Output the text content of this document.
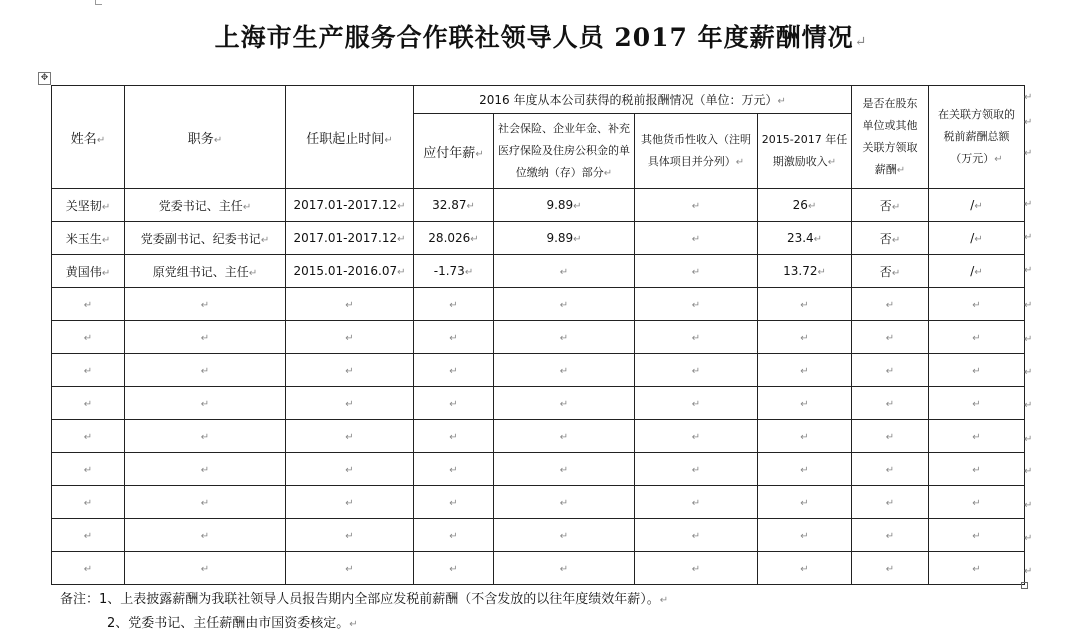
上海市生产服务合作联社领导人员 2017 年度薪酬情况↵
✥
姓名↵	职务↵	任职起止时间↵	2016 年度从本公司获得的税前报酬情况（单位：万元）↵				是否在股东单位或其他关联方领取薪酬↵	在关联方领取的税前薪酬总额（万元）↵
			应付年薪↵	社会保险、企业年金、补充医疗保险及住房公积金的单位缴纳（存）部分↵	其他货币性收入（注明具体项目并分列）↵	2015-2017 年任期激励收入↵		
关坚韧↵	党委书记、主任↵	2017.01-2017.12↵	32.87↵	9.89↵	↵	26↵	否↵	/↵
米玉生↵	党委副书记、纪委书记↵	2017.01-2017.12↵	28.026↵	9.89↵	↵	23.4↵	否↵	/↵
黄国伟↵	原党组书记、主任↵	2015.01-2016.07↵	-1.73↵	↵	↵	13.72↵	否↵	/↵
↵	↵	↵	↵	↵	↵	↵	↵	↵
↵	↵	↵	↵	↵	↵	↵	↵	↵
↵	↵	↵	↵	↵	↵	↵	↵	↵
↵	↵	↵	↵	↵	↵	↵	↵	↵
↵	↵	↵	↵	↵	↵	↵	↵	↵
↵	↵	↵	↵	↵	↵	↵	↵	↵
↵	↵	↵	↵	↵	↵	↵	↵	↵
↵	↵	↵	↵	↵	↵	↵	↵	↵
↵	↵	↵	↵	↵	↵	↵	↵	↵
↵
↵
↵
↵
↵
↵
↵
↵
↵
↵
↵
↵
↵
↵
↵
备注：1、上表披露薪酬为我联社领导人员报告期内全部应发税前薪酬（不含发放的以往年度绩效年薪）。↵
2、党委书记、主任薪酬由市国资委核定。↵
